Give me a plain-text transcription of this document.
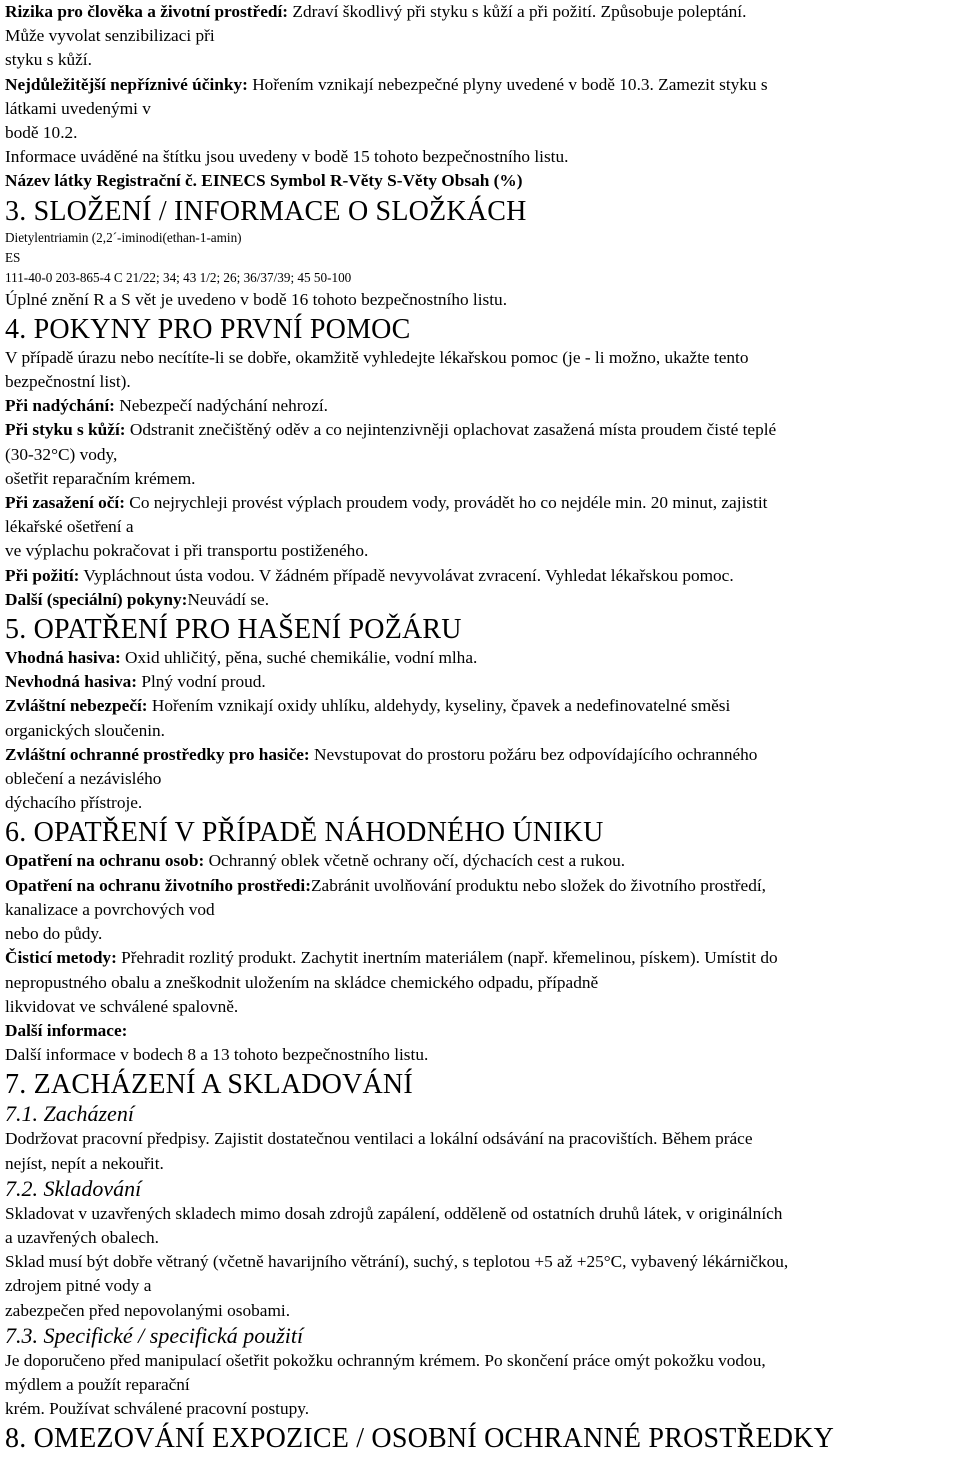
Rizika pro člověka a životní prostředí: Zdraví škodlivý při styku s kůží a při požití. Způsobuje poleptání.

Může vyvolat senzibilizaci při

styku s kůží.

Nejdůležitější nepříznivé účinky: Hořením vznikají nebezpečné plyny uvedené v bodě 10.3. Zamezit styku s

látkami uvedenými v

bodě 10.2.

Informace uváděné na štítku jsou uvedeny v bodě 15 tohoto bezpečnostního listu.

Název látky Registrační č. EINECS Symbol R-Věty S-Věty Obsah (%)

3. SLOŽENÍ / INFORMACE O SLOŽKÁCH

Dietylentriamin (2,2´-iminodi(ethan-1-amin)

ES

111-40-0 203-865-4 C 21/22; 34; 43 1/2; 26; 36/37/39; 45 50-100

Úplné znění R a S vět je uvedeno v bodě 16 tohoto bezpečnostního listu.

4. POKYNY PRO PRVNÍ POMOC

V případě úrazu nebo necítíte-li se dobře, okamžitě vyhledejte lékařskou pomoc (je - li možno, ukažte tento

bezpečnostní list).

Při nadýchání: Nebezpečí nadýchání nehrozí.

Při styku s kůží: Odstranit znečištěný oděv a co nejintenzivněji oplachovat zasažená místa proudem čisté teplé

(30-32°C) vody,

ošetřit reparačním krémem.

Při zasažení očí: Co nejrychleji provést výplach proudem vody, provádět ho co nejdéle min. 20 minut, zajistit

lékařské ošetření a

ve výplachu pokračovat i při transportu postiženého.

Při požití: Vypláchnout ústa vodou. V žádném případě nevyvolávat zvracení. Vyhledat lékařskou pomoc.

Další (speciální) pokyny:Neuvádí se.

5. OPATŘENÍ PRO HAŠENÍ POŽÁRU

Vhodná hasiva: Oxid uhličitý, pěna, suché chemikálie, vodní mlha.

Nevhodná hasiva: Plný vodní proud.

Zvláštní nebezpečí: Hořením vznikají oxidy uhlíku, aldehydy, kyseliny, čpavek a nedefinovatelné směsi

organických sloučenin.

Zvláštní ochranné prostředky pro hasiče: Nevstupovat do prostoru požáru bez odpovídajícího ochranného

oblečení a nezávislého

dýchacího přístroje.

6. OPATŘENÍ V PŘÍPADĚ NÁHODNÉHO ÚNIKU

Opatření na ochranu osob: Ochranný oblek včetně ochrany očí, dýchacích cest a rukou.

Opatření na ochranu životního prostředi:Zabránit uvolňování produktu nebo složek do životního prostředí,

kanalizace a povrchových vod

nebo do půdy.

Čisticí metody: Přehradit rozlitý produkt. Zachytit inertním materiálem (např. křemelinou, pískem). Umístit do

nepropustného obalu a zneškodnit uložením na skládce chemického odpadu, případně

likvidovat ve schválené spalovně.

Další informace:

Další informace v bodech 8 a 13 tohoto bezpečnostního listu.

7. ZACHÁZENÍ A SKLADOVÁNÍ
7.1. Zacházení

Dodržovat pracovní předpisy. Zajistit dostatečnou ventilaci a lokální odsávání na pracovištích. Během práce

nejíst, nepít a nekouřit.

7.2. Skladování

Skladovat v uzavřených skladech mimo dosah zdrojů zapálení, odděleně od ostatních druhů látek, v originálních

a uzavřených obalech.

Sklad musí být dobře větraný (včetně havarijního větrání), suchý, s teplotou +5 až +25°C, vybavený lékárničkou,

zdrojem pitné vody a

zabezpečen před nepovolanými osobami.

7.3. Specifické / specifická použití

Je doporučeno před manipulací ošetřit pokožku ochranným krémem. Po skončení práce omýt pokožku vodou,

mýdlem a použít reparační

krém. Používat schválené pracovní postupy.

8. OMEZOVÁNÍ EXPOZICE / OSOBNÍ OCHRANNÉ PROSTŘEDKY
